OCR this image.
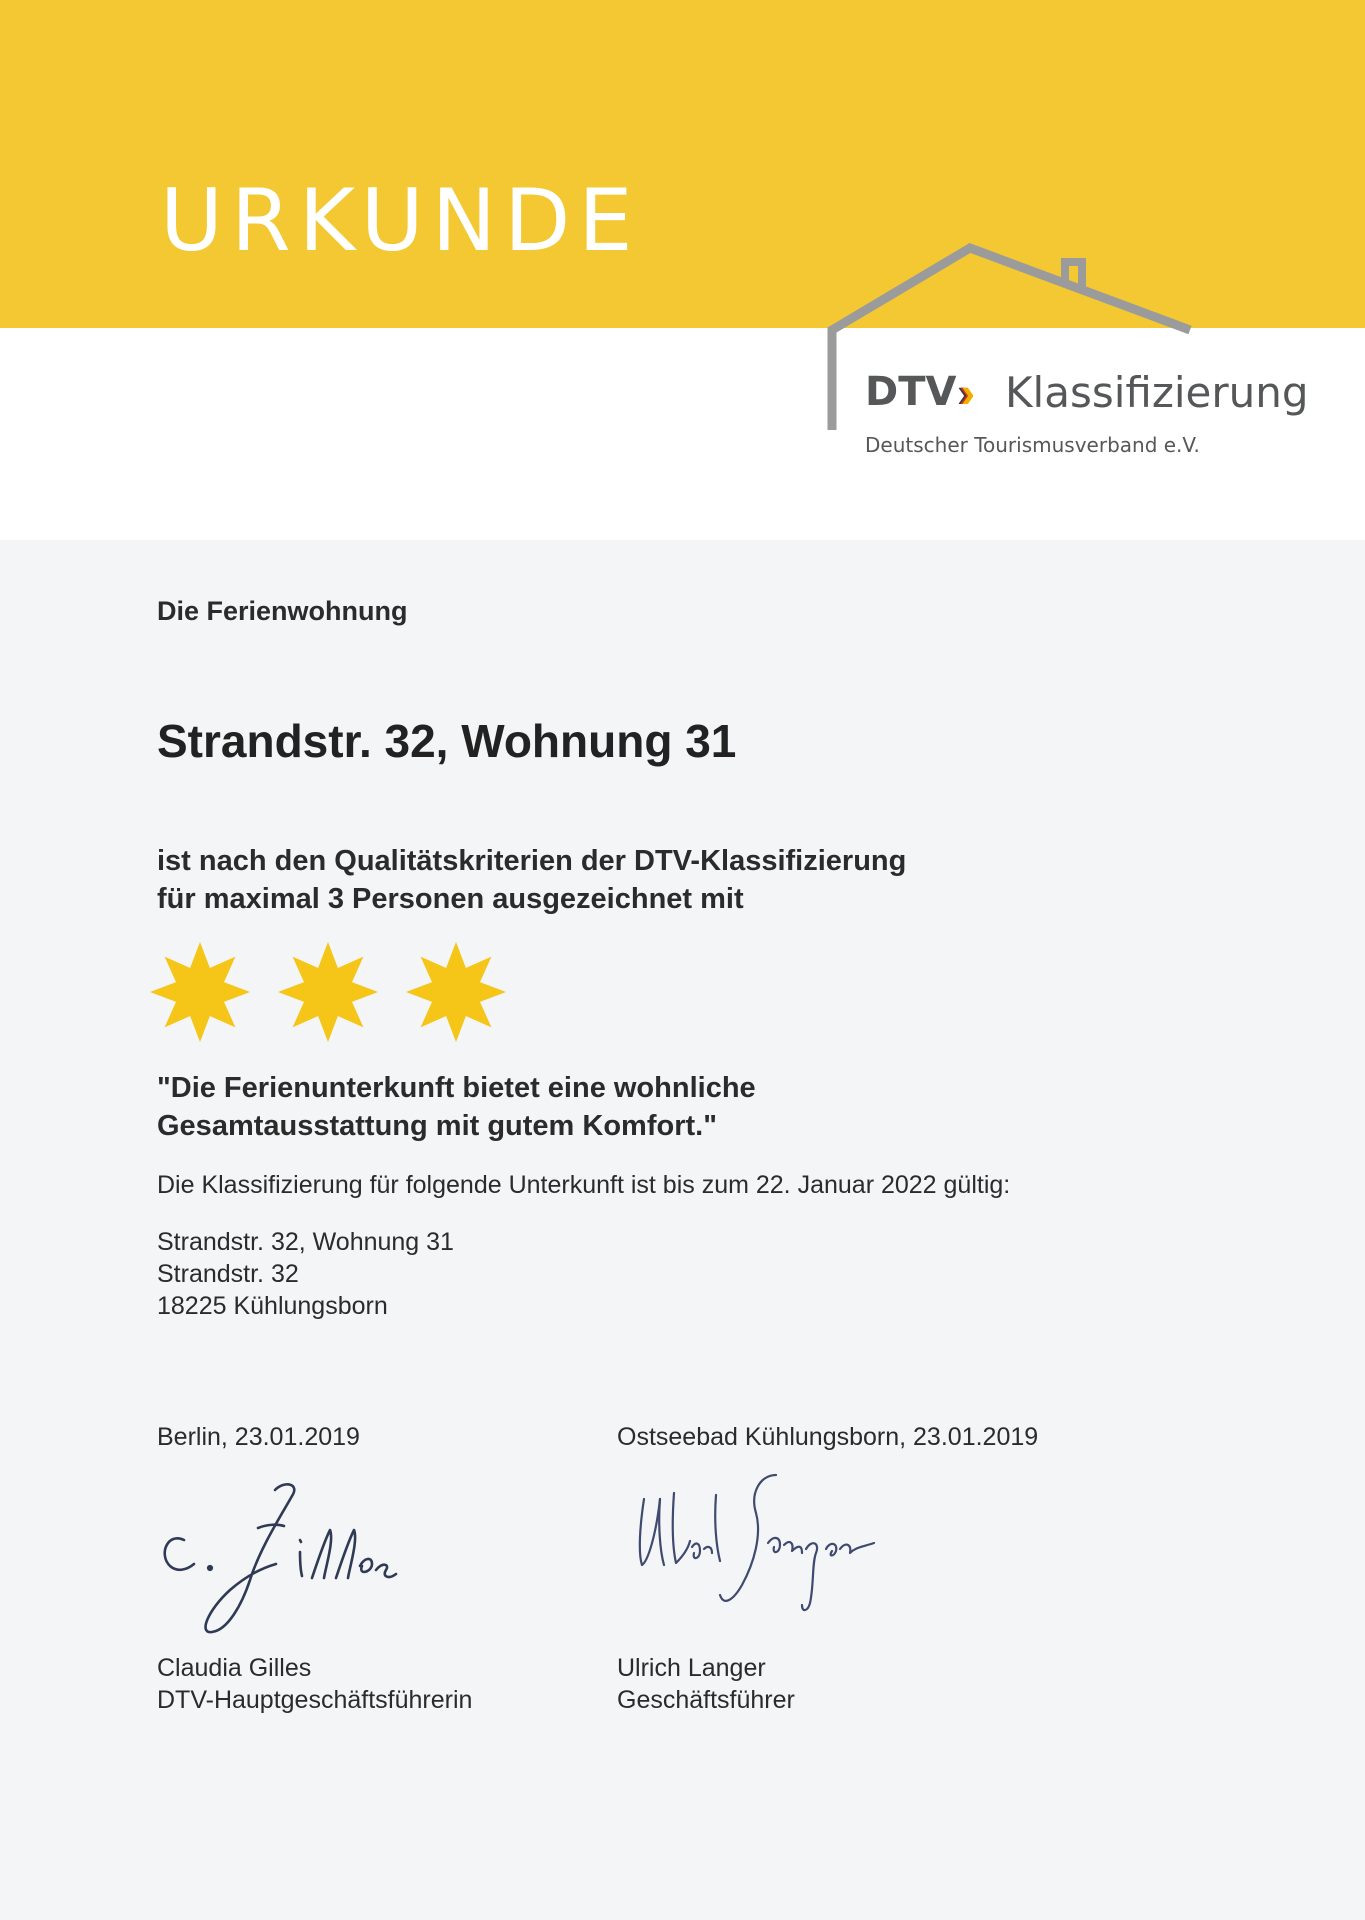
URKUNDE
DTV ››› Klassifizierung
Deutscher Tourismusverband e.V.
Die Ferienwohnung
Strandstr. 32, Wohnung 31
ist nach den Qualitätskriterien der DTV-Klassifizierung
für maximal 3 Personen ausgezeichnet mit
"Die Ferienunterkunft bietet eine wohnliche
Gesamtausstattung mit gutem Komfort."
Die Klassifizierung für folgende Unterkunft ist bis zum 22. Januar 2022 gültig:
Strandstr. 32, Wohnung 31
Strandstr. 32
18225 Kühlungsborn
Berlin, 23.01.2019	Ostseebad Kühlungsborn, 23.01.2019
Claudia Gilles
DTV-Hauptgeschäftsführerin
Ulrich Langer
Geschäftsführer
